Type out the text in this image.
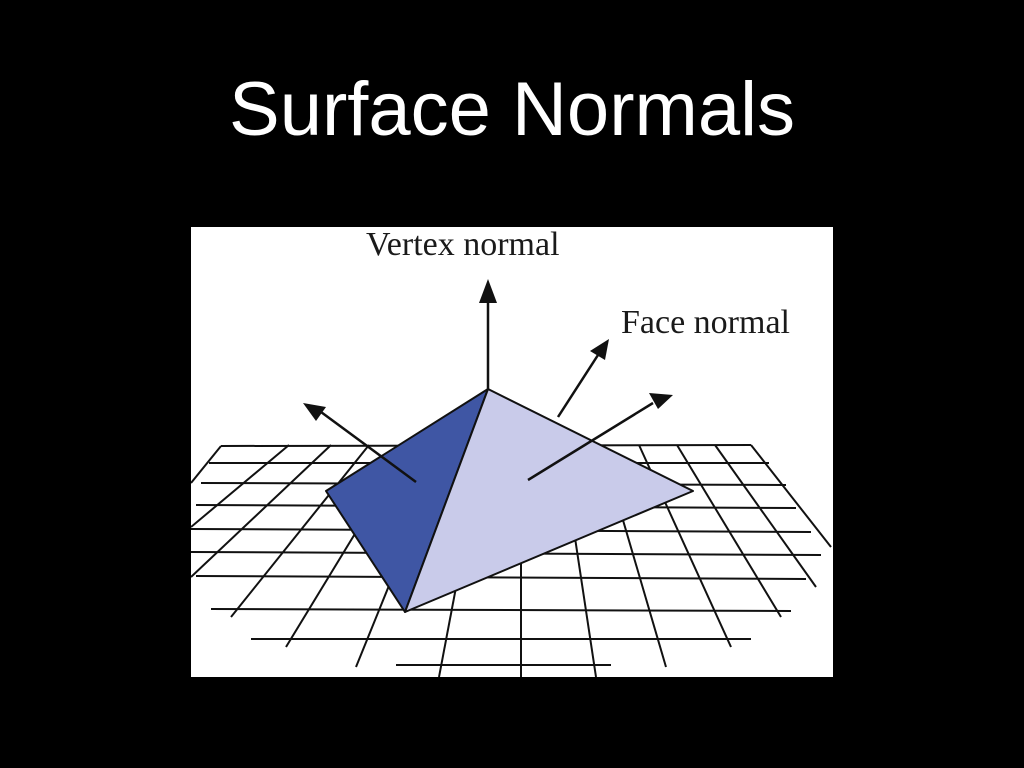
Surface Normals
Vertex normal
Face normal
